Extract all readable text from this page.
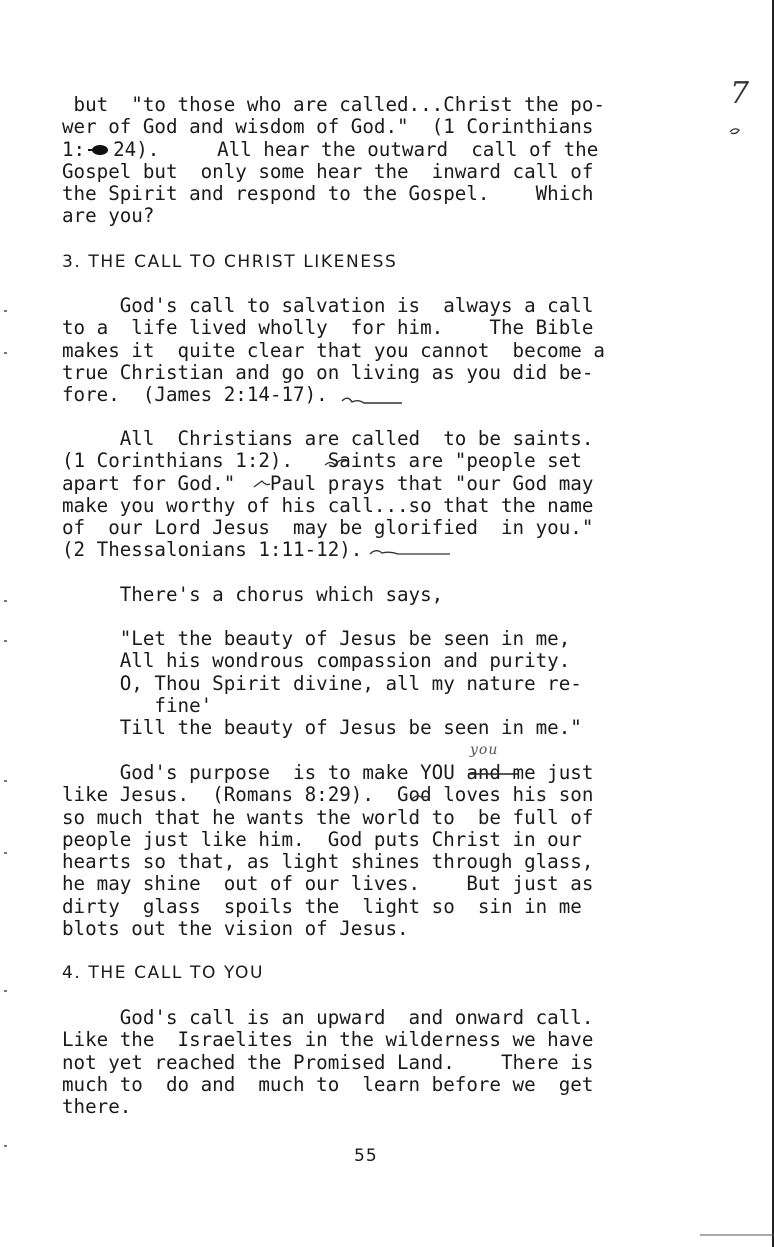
7
but  "to those who are called...Christ the po-
wer of God and wisdom of God."  (1 Corinthians
1: 24).     All hear the outward  call of the
Gospel but  only some hear the  inward call of
the Spirit and respond to the Gospel.    Which
are you?
3. THE CALL TO CHRIST LIKENESS
God's call to salvation is  always a call
to a  life lived wholly  for him.    The Bible
makes it  quite clear that you cannot  become a
true Christian and go on living as you did be-
fore.  (James 2:14-17).
All  Christians are called  to be saints.
(1 Corinthians 1:2).   Saints are "people set
apart for God."   Paul prays that "our God may
make you worthy of his call...so that the name
of  our Lord Jesus  may be glorified  in you."
(2 Thessalonians 1:11-12).
There's a chorus which says,
"Let the beauty of Jesus be seen in me,
All his wondrous compassion and purity.
O, Thou Spirit divine, all my nature re-
fine'
Till the beauty of Jesus be seen in me."
you
God's purpose  is to make YOU and me just
like Jesus.  (Romans 8:29).  God loves his son
so much that he wants the world to  be full of
people just like him.  God puts Christ in our
hearts so that, as light shines through glass,
he may shine  out of our lives.    But just as
dirty  glass  spoils the  light so  sin in me
blots out the vision of Jesus.
4. THE CALL TO YOU
God's call is an upward  and onward call.
Like the  Israelites in the wilderness we have
not yet reached the Promised Land.    There is
much to  do and  much to  learn before we  get
there.
55
